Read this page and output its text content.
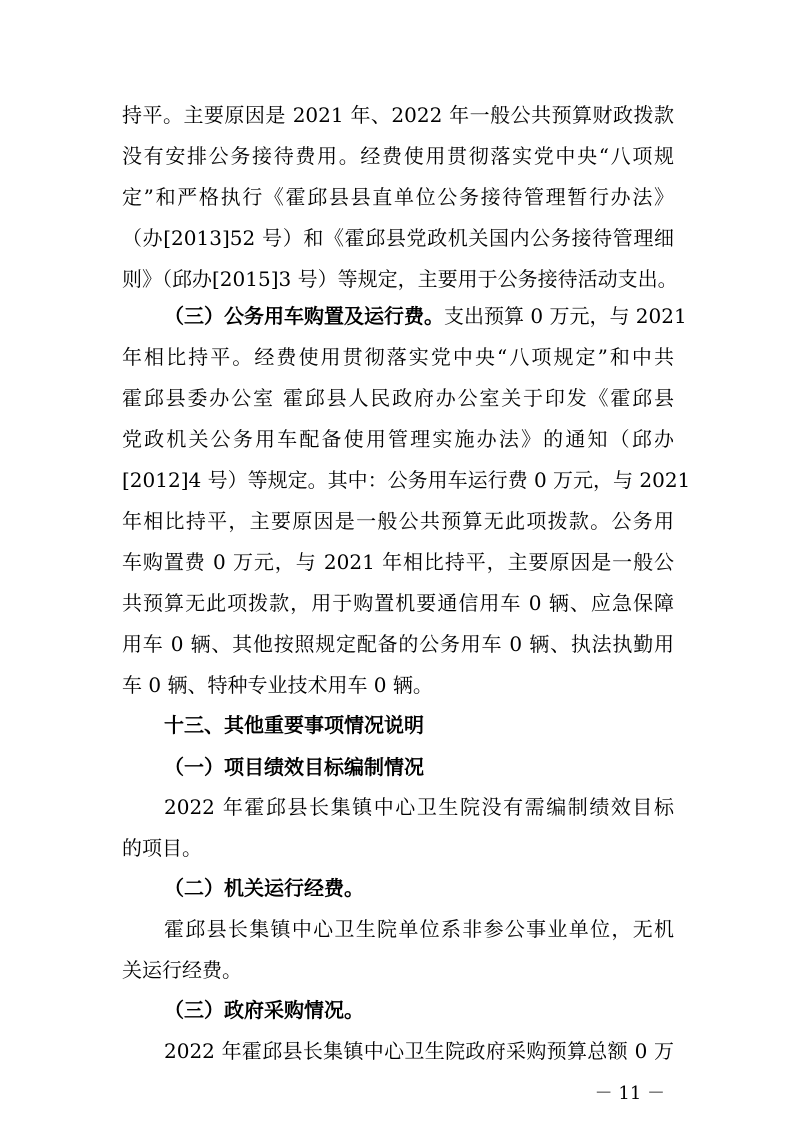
持平。主要原因是 2021 年、2022 年一般公共预算财政拨款
没有安排公务接待费用。经费使用贯彻落实党中央“八项规
定”和严格执行《霍邱县县直单位公务接待管理暂行办法》
（办[2013]52 号）和《霍邱县党政机关国内公务接待管理细
则》（邱办[2015]3 号）等规定，主要用于公务接待活动支出。
（三）公务用车购置及运行费。支出预算 0 万元，与 2021
年相比持平。经费使用贯彻落实党中央“八项规定”和中共
霍邱县委办公室 霍邱县人民政府办公室关于印发《霍邱县
党政机关公务用车配备使用管理实施办法》的通知（邱办
[2012]4 号）等规定。其中：公务用车运行费 0 万元，与 2021
年相比持平，主要原因是一般公共预算无此项拨款。公务用
车购置费 0 万元，与 2021 年相比持平，主要原因是一般公
共预算无此项拨款，用于购置机要通信用车 0 辆、应急保障
用车 0 辆、其他按照规定配备的公务用车 0 辆、执法执勤用
车 0 辆、特种专业技术用车 0 辆。
十三、其他重要事项情况说明
（一）项目绩效目标编制情况
2022 年霍邱县长集镇中心卫生院没有需编制绩效目标
的项目。
（二）机关运行经费。
霍邱县长集镇中心卫生院单位系非参公事业单位，无机
关运行经费。
（三）政府采购情况。
2022 年霍邱县长集镇中心卫生院政府采购预算总额 0 万
－ 11 －
